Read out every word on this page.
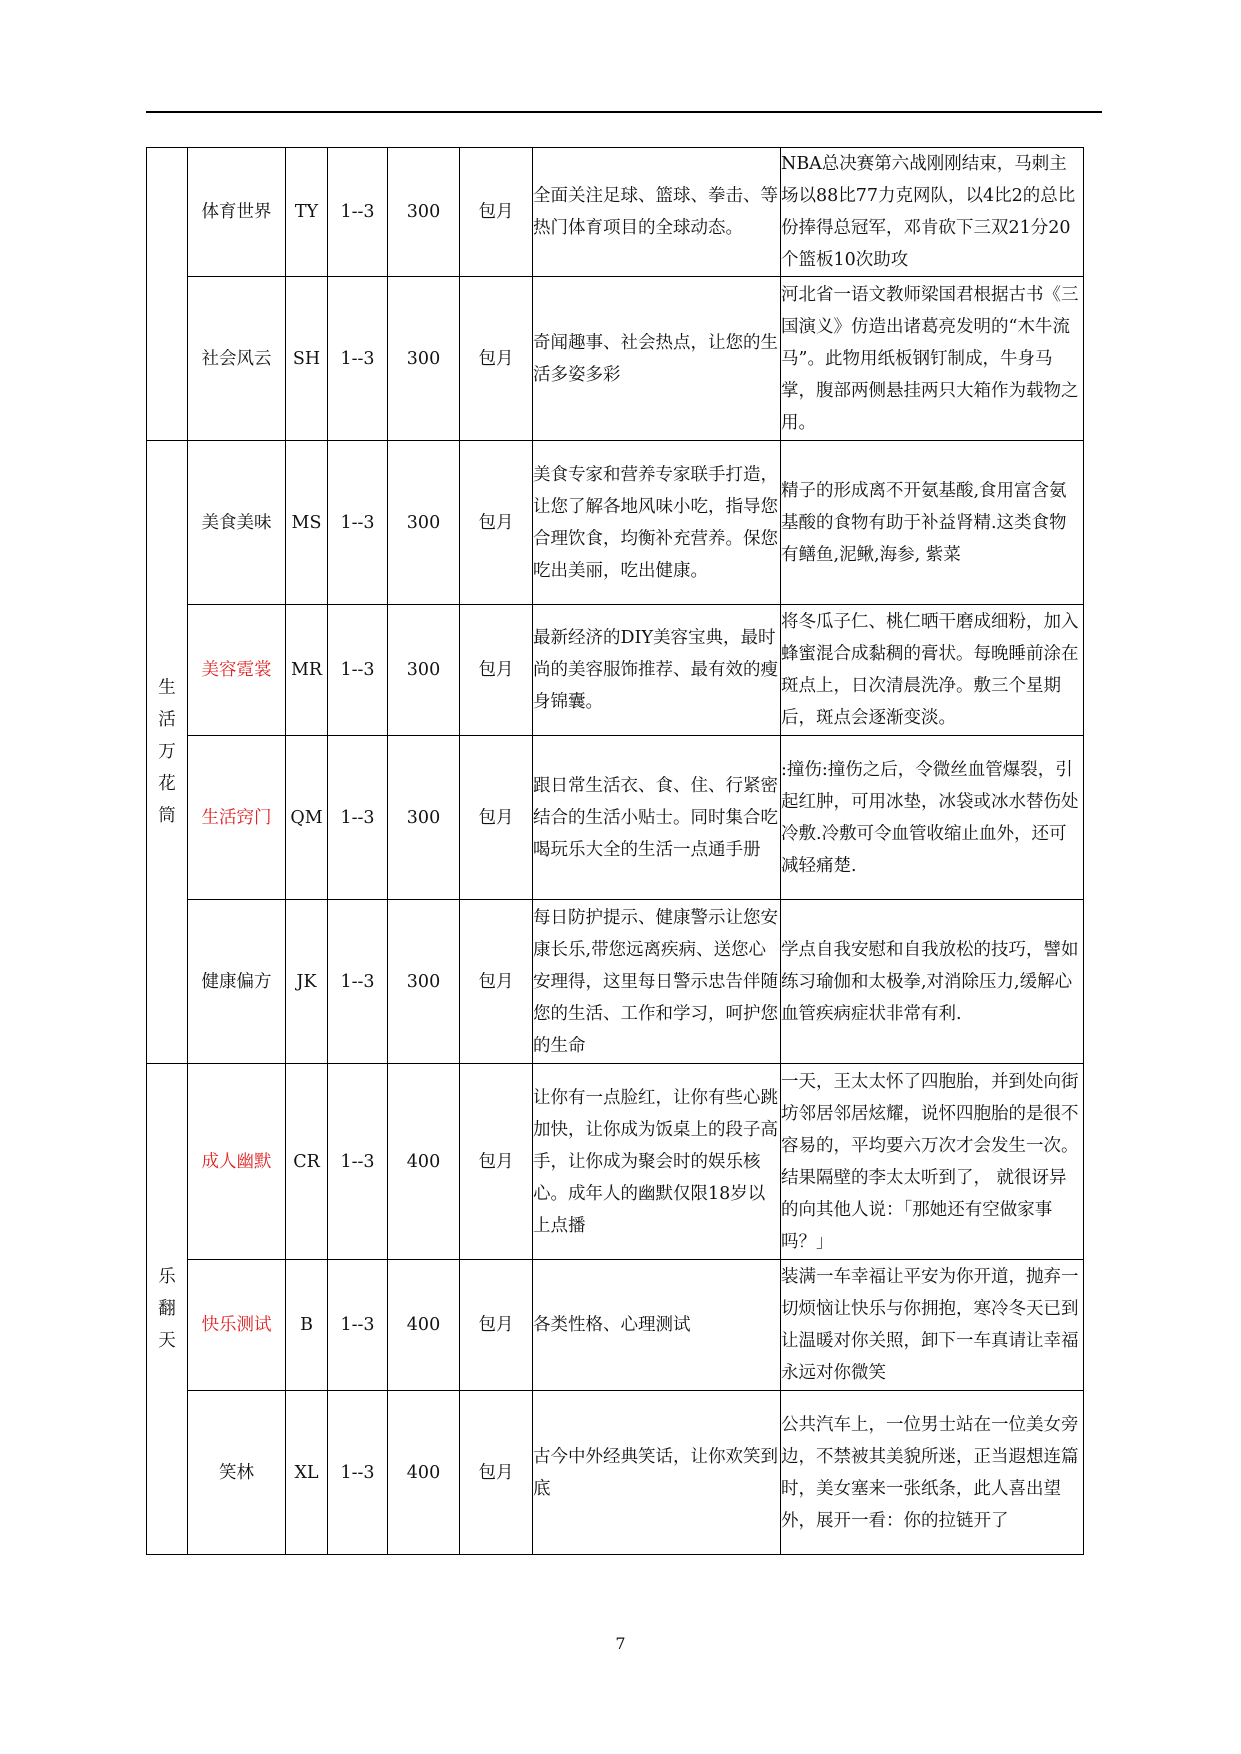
	体育世界	TY	1--3	300	包月	全面关注足球、篮球、拳击、等热门体育项目的全球动态。	NBA总决赛第六战刚刚结束，马刺主场以88比77力克网队，以4比2的总比份捧得总冠军，邓肯砍下三双21分20个篮板10次助攻
	社会风云	SH	1--3	300	包月	奇闻趣事、社会热点，让您的生活多姿多彩	河北省一语文教师梁国君根据古书《三国演义》仿造出诸葛亮发明的“木牛流马”。此物用纸板钢钉制成，牛身马掌，腹部两侧悬挂两只大箱作为载物之用。
生活万花筒	美食美味	MS	1--3	300	包月	美食专家和营养专家联手打造，让您了解各地风味小吃，指导您合理饮食，均衡补充营养。保您吃出美丽，吃出健康。	精子的形成离不开氨基酸,食用富含氨基酸的食物有助于补益肾精.这类食物有鳝鱼,泥鳅,海参, 紫菜
	美容霓裳	MR	1--3	300	包月	最新经济的DIY美容宝典，最时尚的美容服饰推荐、最有效的瘦身锦囊。	将冬瓜子仁、桃仁晒干磨成细粉，加入蜂蜜混合成黏稠的膏状。每晚睡前涂在斑点上，日次清晨洗净。敷三个星期后，斑点会逐渐变淡。
	生活窍门	QM	1--3	300	包月	跟日常生活衣、食、住、行紧密结合的生活小贴士。同时集合吃喝玩乐大全的生活一点通手册	:撞伤:撞伤之后，令微丝血管爆裂，引起红肿，可用冰垫，冰袋或冰水替伤处冷敷.冷敷可令血管收缩止血外，还可减轻痛楚.
	健康偏方	JK	1--3	300	包月	每日防护提示、健康警示让您安康长乐,带您远离疾病、送您心安理得，这里每日警示忠告伴随您的生活、工作和学习，呵护您的生命	学点自我安慰和自我放松的技巧，譬如练习瑜伽和太极拳,对消除压力,缓解心血管疾病症状非常有利.
乐翻天	成人幽默	CR	1--3	400	包月	让你有一点脸红，让你有些心跳加快，让你成为饭桌上的段子高手，让你成为聚会时的娱乐核心。成年人的幽默仅限18岁以上点播	一天，王太太怀了四胞胎，并到处向街坊邻居邻居炫耀，说怀四胞胎的是很不容易的，平均要六万次才会发生一次。结果隔壁的李太太听到了， 就很讶异的向其他人说：「那她还有空做家事吗？」
	快乐测试	B	1--3	400	包月	各类性格、心理测试	装满一车幸福让平安为你开道，抛弃一切烦恼让快乐与你拥抱，寒冷冬天已到让温暖对你关照，卸下一车真请让幸福永远对你微笑
	笑林	XL	1--3	400	包月	古今中外经典笑话，让你欢笑到底	公共汽车上，一位男士站在一位美女旁边，不禁被其美貌所迷，正当遐想连篇时，美女塞来一张纸条，此人喜出望外，展开一看：你的拉链开了
7
